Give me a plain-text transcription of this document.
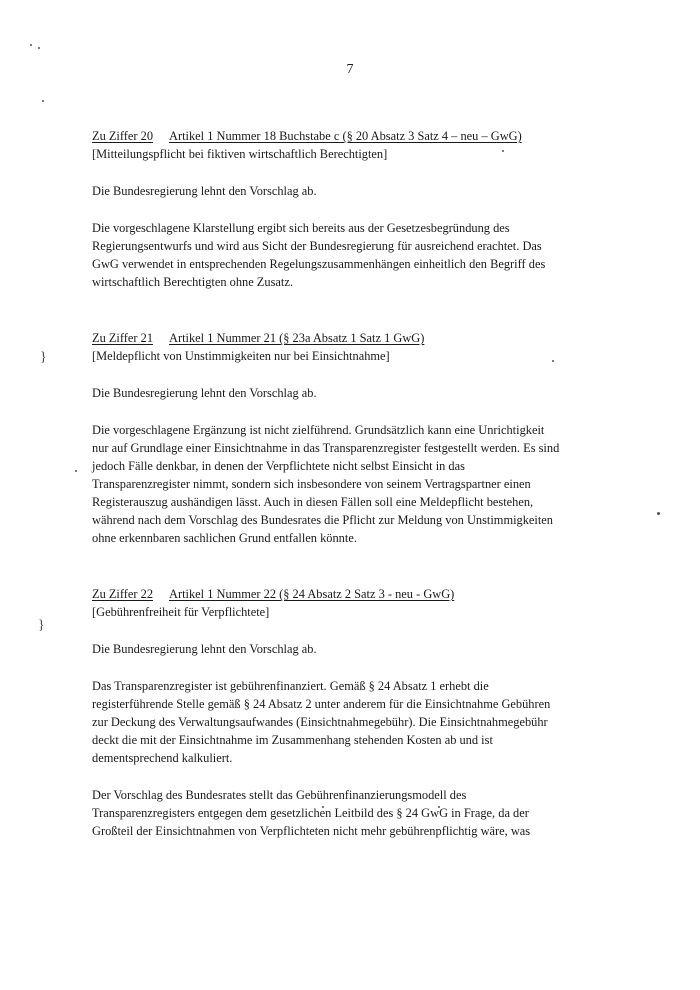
7
}
}
Zu Ziffer 20 Artikel 1 Nummer 18 Buchstabe c (§ 20 Absatz 3 Satz 4 – neu – GwG)
[Mitteilungspflicht bei fiktiven wirtschaftlich Berechtigten]

Die Bundesregierung lehnt den Vorschlag ab.

Die vorgeschlagene Klarstellung ergibt sich bereits aus der Gesetzesbegründung des
Regierungsentwurfs und wird aus Sicht der Bundesregierung für ausreichend erachtet. Das
GwG verwendet in entsprechenden Regelungszusammenhängen einheitlich den Begriff des
wirtschaftlich Berechtigten ohne Zusatz.
Zu Ziffer 21 Artikel 1 Nummer 21 (§ 23a Absatz 1 Satz 1 GwG)
[Meldepflicht von Unstimmigkeiten nur bei Einsichtnahme]

Die Bundesregierung lehnt den Vorschlag ab.

Die vorgeschlagene Ergänzung ist nicht zielführend. Grundsätzlich kann eine Unrichtigkeit
nur auf Grundlage einer Einsichtnahme in das Transparenzregister festgestellt werden. Es sind
jedoch Fälle denkbar, in denen der Verpflichtete nicht selbst Einsicht in das
Transparenzregister nimmt, sondern sich insbesondere von seinem Vertragspartner einen
Registerauszug aushändigen lässt. Auch in diesen Fällen soll eine Meldepflicht bestehen,
während nach dem Vorschlag des Bundesrates die Pflicht zur Meldung von Unstimmigkeiten
ohne erkennbaren sachlichen Grund entfallen könnte.
Zu Ziffer 22 Artikel 1 Nummer 22 (§ 24 Absatz 2 Satz 3 - neu - GwG)
[Gebührenfreiheit für Verpflichtete]

Die Bundesregierung lehnt den Vorschlag ab.

Das Transparenzregister ist gebührenfinanziert. Gemäß § 24 Absatz 1 erhebt die
registerführende Stelle gemäß § 24 Absatz 2 unter anderem für die Einsichtnahme Gebühren
zur Deckung des Verwaltungsaufwandes (Einsichtnahmegebühr). Die Einsichtnahmegebühr
deckt die mit der Einsichtnahme im Zusammenhang stehenden Kosten ab und ist
dementsprechend kalkuliert.
Der Vorschlag des Bundesrates stellt das Gebührenfinanzierungsmodell des
Transparenzregisters entgegen dem gesetzlichen Leitbild des § 24 GwG in Frage, da der
Großteil der Einsichtnahmen von Verpflichteten nicht mehr gebührenpflichtig wäre, was
